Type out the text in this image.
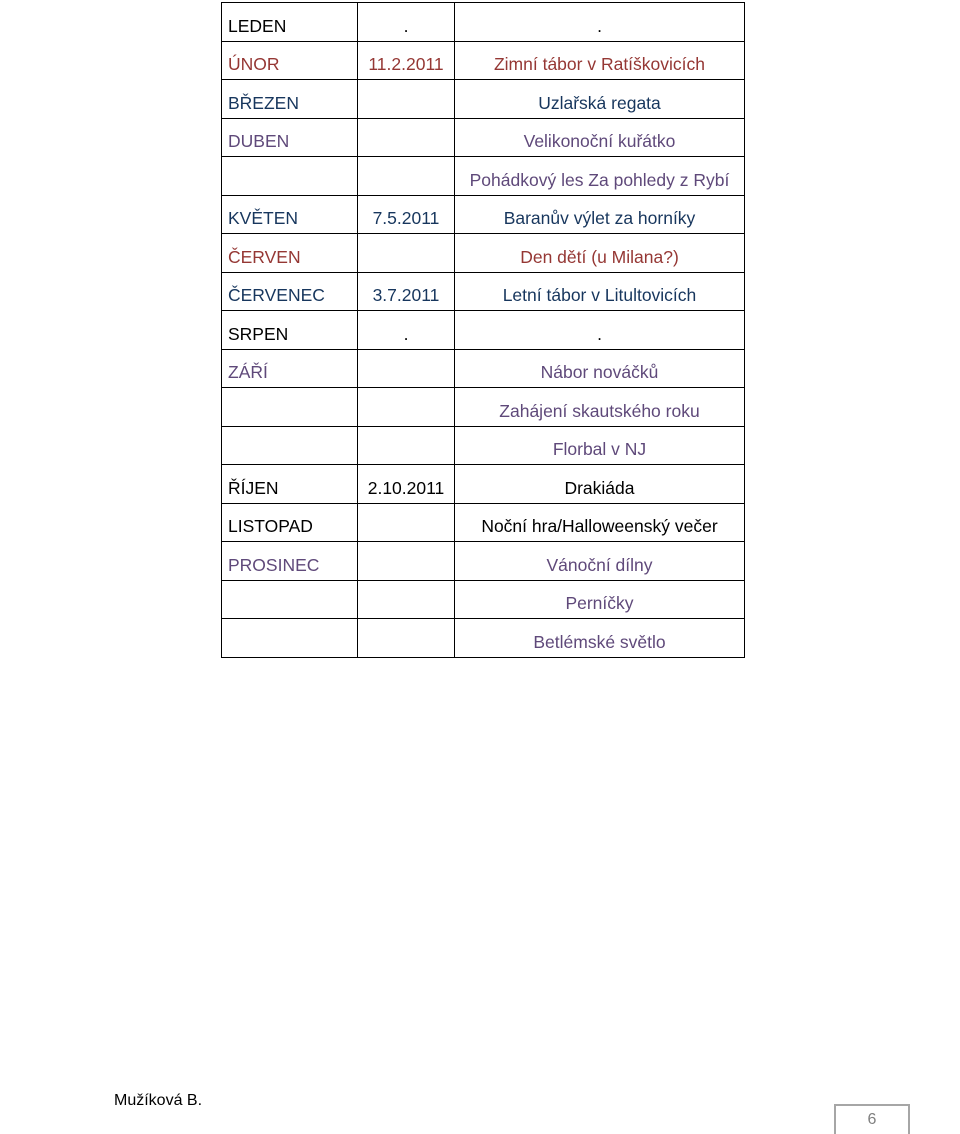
LEDEN	.	.
ÚNOR	11.2.2011	Zimní tábor v Ratíškovicích
BŘEZEN		Uzlařská regata
DUBEN		Velikonoční kuřátko
		Pohádkový les Za pohledy z Rybí
KVĚTEN	7.5.2011	Baranův výlet za horníky
ČERVEN		Den dětí (u Milana?)
ČERVENEC	3.7.2011	Letní tábor v Litultovicích
SRPEN	.	.
ZÁŘÍ		Nábor nováčků
		Zahájení skautského roku
		Florbal v NJ
ŘÍJEN	2.10.2011	Drakiáda
LISTOPAD		Noční hra/Halloweenský večer
PROSINEC		Vánoční dílny
		Perníčky
		Betlémské světlo
Mužíková B.
6
